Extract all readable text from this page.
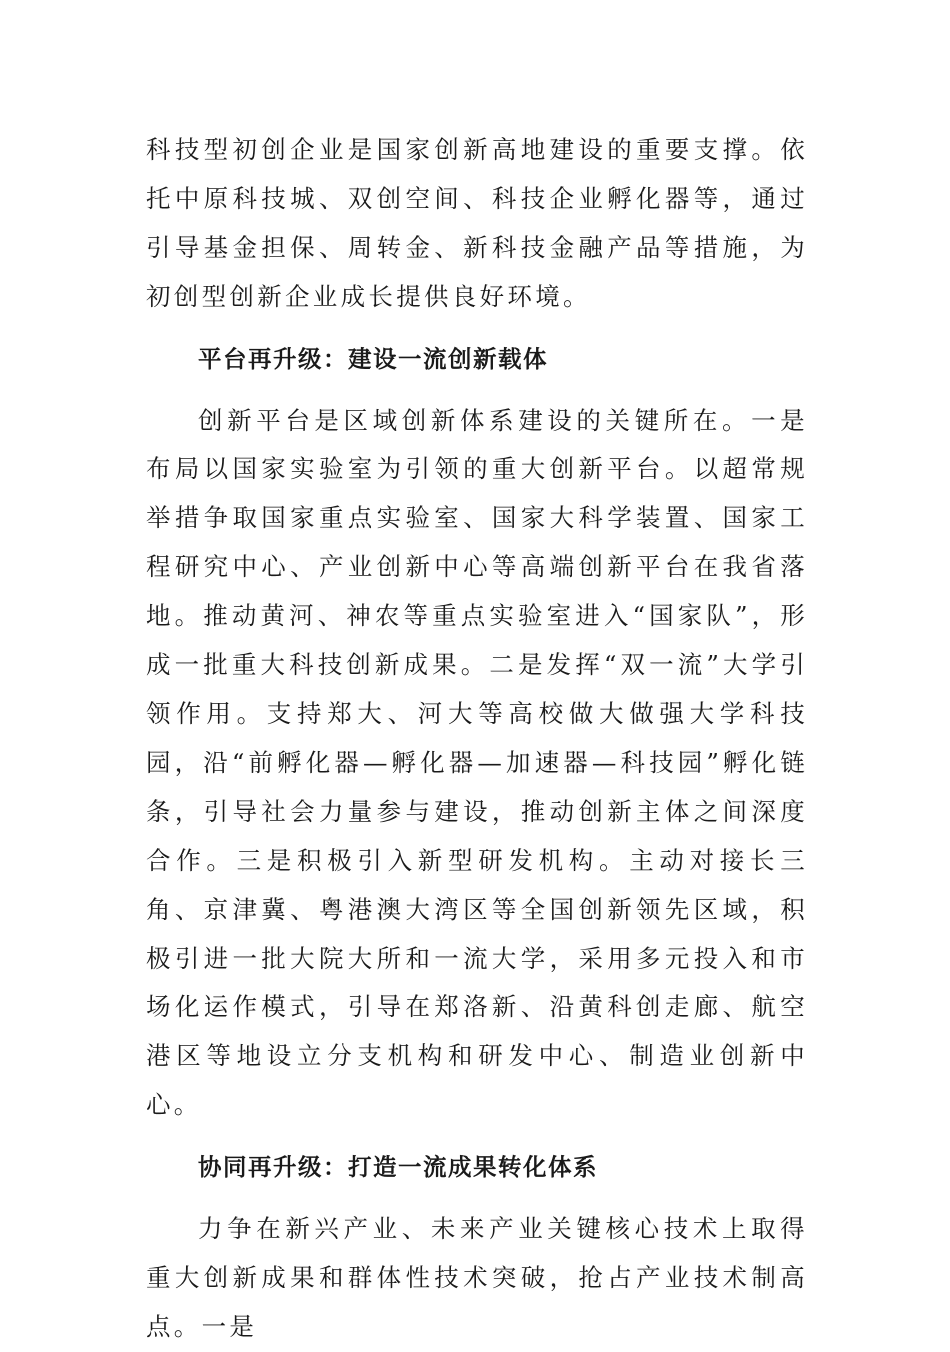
科技型初创企业是国家创新高地建设的重要支撑。依托中原科技城、双创空间、科技企业孵化器等，通过引导基金担保、周转金、新科技金融产品等措施，为初创型创新企业成长提供良好环境。

平台再升级：建设一流创新载体

创新平台是区域创新体系建设的关键所在。一是布局以国家实验室为引领的重大创新平台。以超常规举措争取国家重点实验室、国家大科学装置、国家工程研究中心、产业创新中心等高端创新平台在我省落地。推动黄河、神农等重点实验室进入“国家队”，形成一批重大科技创新成果。二是发挥“双一流”大学引领作用。支持郑大、河大等高校做大做强大学科技园，沿“前孵化器—孵化器—加速器—科技园”孵化链条，引导社会力量参与建设，推动创新主体之间深度合作。三是积极引入新型研发机构。主动对接长三角、京津冀、粤港澳大湾区等全国创新领先区域，积极引进一批大院大所和一流大学，采用多元投入和市场化运作模式，引导在郑洛新、沿黄科创走廊、航空港区等地设立分支机构和研发中心、制造业创新中心。

协同再升级：打造一流成果转化体系

力争在新兴产业、未来产业关键核心技术上取得重大创新成果和群体性技术突破，抢占产业技术制高点。一是
